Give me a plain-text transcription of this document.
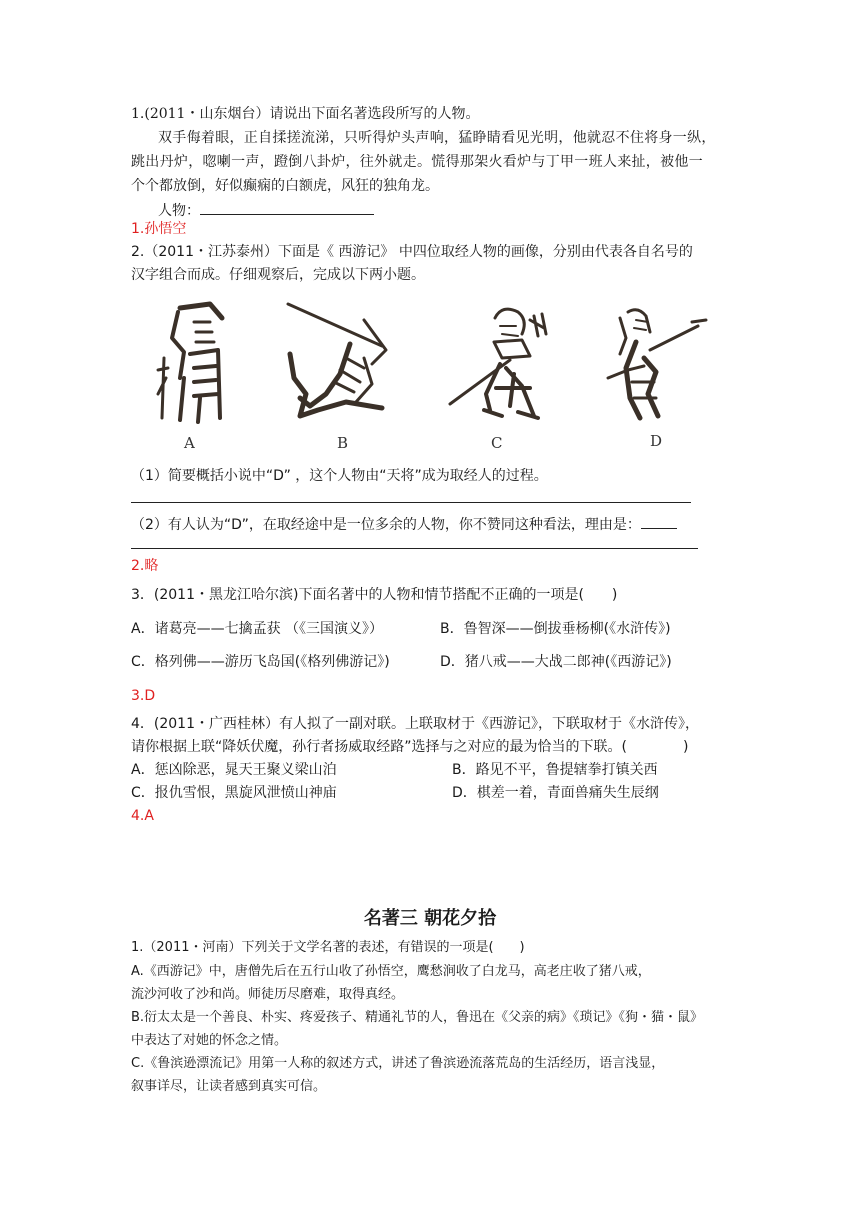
1.(2011・山东烟台）请说出下面名著选段所写的人物。
双手侮着眼，正自揉搓流涕，只听得炉头声响，猛睁睛看见光明，他就忍不住将身一纵，
跳出丹炉，唿喇一声，蹬倒八卦炉，往外就走。慌得那架火看炉与丁甲一班人来扯，被他一
个个都放倒，好似癫痫的白额虎，风狂的独角龙。
人物：
1.孙悟空
2.（2011・江苏泰州）下面是《 西游记》 中四位取经人物的画像，分别由代表各自名号的
汉字组合而成。仔细观察后，完成以下两小题。
A	B	C	D
（1）简要概括小说中“D” ，这个人物由“天将”成为取经人的过程。
（2）有人认为“D”，在取经途中是一位多余的人物，你不赞同这种看法，理由是：
2.略
3．(2011・黑龙江哈尔滨)下面名著中的人物和情节搭配不正确的一项是(　　)
A．诸葛亮——七擒孟获 （《三国演义》）	B．鲁智深——倒拔垂杨柳(《水浒传》)
C．格列佛——游历飞岛国(《格列佛游记》)	D．猪八戒——大战二郎神(《西游记》)
3.D
4．(2011・广西桂林）有人拟了一副对联。上联取材于《西游记》，下联取材于《水浒传》，
请你根据上联“降妖伏魔，孙行者扬威取经路”选择与之对应的最为恰当的下联。(　　　　)
A．惩凶除恶，晁天王聚义梁山泊	B．路见不平，鲁提辖拳打镇关西
C．报仇雪恨，黑旋风泄愤山神庙	D．棋差一着，青面兽痛失生辰纲
4.A
名著三 朝花夕拾
1.（2011・河南）下列关于文学名著的表述，有错误的一项是(　　)
A.《西游记》中，唐僧先后在五行山收了孙悟空，鹰愁涧收了白龙马，高老庄收了猪八戒，
流沙河收了沙和尚。师徒历尽磨难，取得真经。
B.衍太太是一个善良、朴实、疼爱孩子、精通礼节的人，鲁迅在《父亲的病》《琐记》《狗・猫・鼠》
中表达了对她的怀念之情。
C.《鲁滨逊漂流记》用第一人称的叙述方式，讲述了鲁滨逊流落荒岛的生活经历，语言浅显，
叙事详尽，让读者感到真实可信。
